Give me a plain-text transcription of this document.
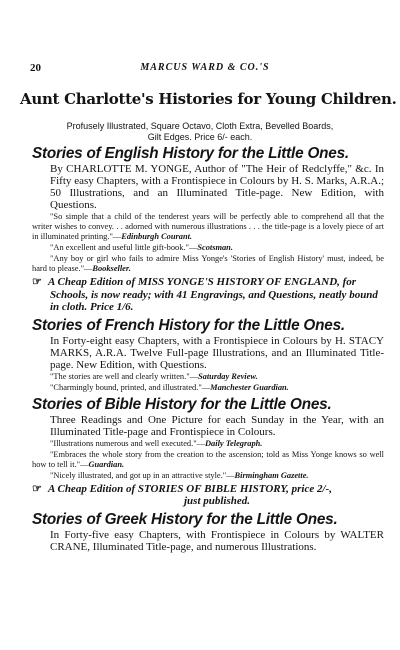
20	MARCUS WARD & CO.'S
Aunt Charlotte's Histories for Young Children.
Profusely Illustrated, Square Octavo, Cloth Extra, Bevelled Boards,
Gilt Edges. Price 6/- each.

Stories of English History for the Little Ones.

By CHARLOTTE M. YONGE, Author of "The Heir of Redclyffe," &c. In Fifty easy Chapters, with a Frontispiece in Colours by H. S. Marks, A.R.A.; 50 Illustrations, and an Illuminated Title-page. New Edition, with Questions.

"So simple that a child of the tenderest years will be perfectly able to comprehend all that the writer wishes to convey. . . adorned with numerous illustrations . . . the title-page is a lovely piece of art in illuminated printing."—Edinburgh Courant.

"An excellent and useful little gift-book."—Scotsman.

"Any boy or girl who fails to admire Miss Yonge's 'Stories of English History' must, indeed, be hard to please."—Bookseller.

☞ A Cheap Edition of MISS YONGE'S HISTORY OF ENGLAND, for Schools, is now ready; with 41 Engravings, and Questions, neatly bound in cloth. Price 1/6.

Stories of French History for the Little Ones.

In Forty-eight easy Chapters, with a Frontispiece in Colours by H. STACY MARKS, A.R.A. Twelve Full-page Illustrations, and an Illuminated Title-page. New Edition, with Questions.

"The stories are well and clearly written."—Saturday Review.

"Charmingly bound, printed, and illustrated."—Manchester Guardian.

Stories of Bible History for the Little Ones.

Three Readings and One Picture for each Sunday in the Year, with an Illuminated Title-page and Frontispiece in Colours.

"Illustrations numerous and well executed."—Daily Telegraph.

"Embraces the whole story from the creation to the ascension; told as Miss Yonge knows so well how to tell it."—Guardian.

"Nicely illustrated, and got up in an attractive style."—Birmingham Gazette.

☞ A Cheap Edition of STORIES OF BIBLE HISTORY, price 2/-,
just published.

Stories of Greek History for the Little Ones.

In Forty-five easy Chapters, with Frontispiece in Colours by WALTER CRANE, Illuminated Title-page, and numerous Illustrations.
